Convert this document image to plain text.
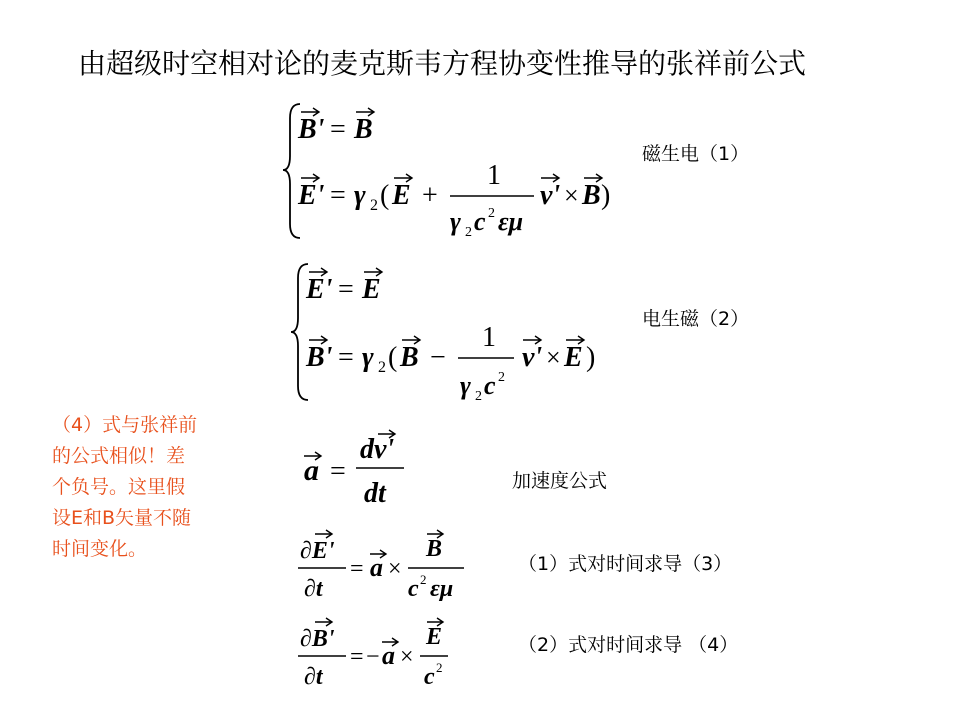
由超级时空相对论的麦克斯韦方程协变性推导的张祥前公式
B' = B
E' = γ 2 ( E +
1
γ 2 c 2 εμ
v' × B )
磁生电（1）
E' = E
B' = γ 2 ( B −
1
γ 2 c 2
v' × E )
电生磁（2）
a =
dv'
dt	加速度公式
∂E'
∂t
= a ×
B
c 2 εμ
（1）式对时间求导（3）
∂B'
∂t
= − a ×
E
c 2
（2）式对时间求导 （4）
（4）式与张祥前
的公式相似！差
个负号。这里假
设E和B矢量不随
时间变化。
